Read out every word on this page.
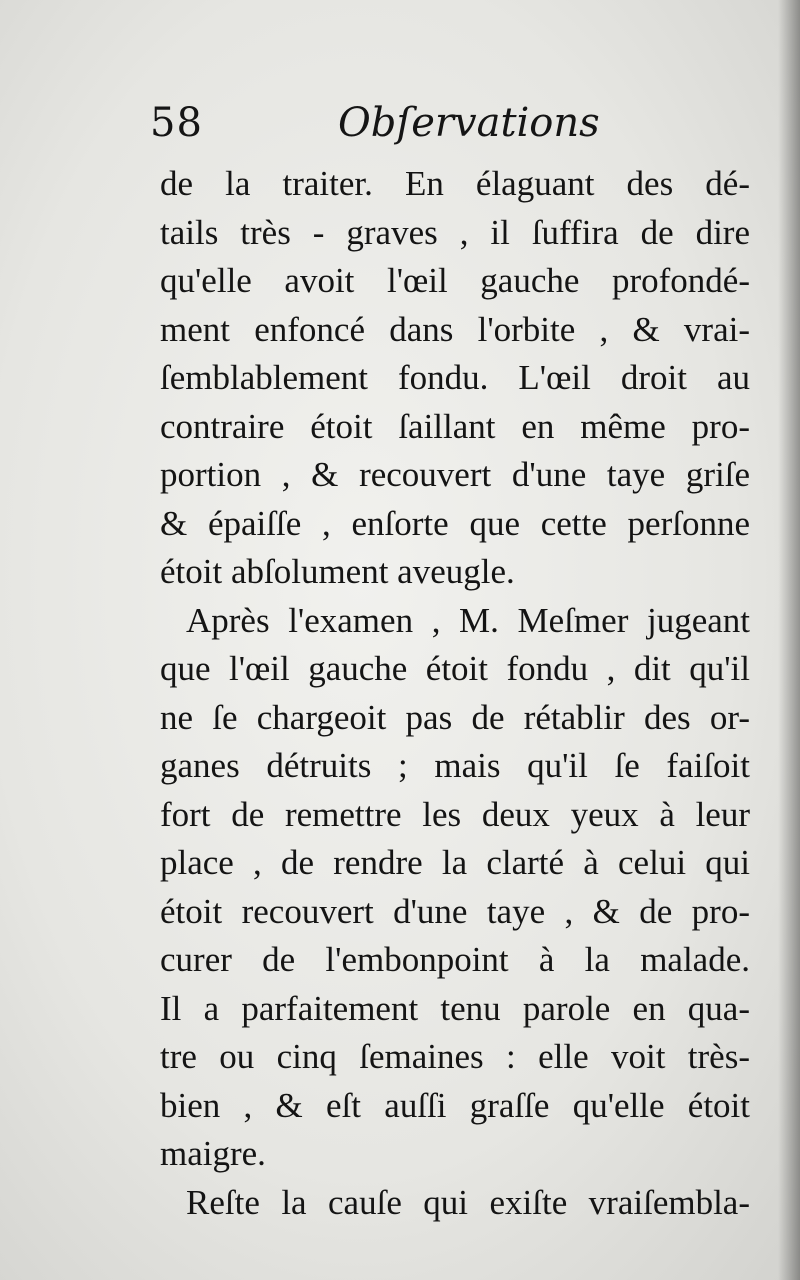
58	Obſervations
de la traiter. En élaguant des dé-
tails très - graves , il ſuffira de dire
qu'elle avoit l'œil gauche profondé-
ment enfoncé dans l'orbite , & vrai-
ſemblablement fondu. L'œil droit au
contraire étoit ſaillant en même pro-
portion , & recouvert d'une taye griſe
& épaiſſe , enſorte que cette perſonne
étoit abſolument aveugle.
Après l'examen , M. Meſmer jugeant
que l'œil gauche étoit fondu , dit qu'il
ne ſe chargeoit pas de rétablir des or-
ganes détruits ; mais qu'il ſe faiſoit
fort de remettre les deux yeux à leur
place , de rendre la clarté à celui qui
étoit recouvert d'une taye , & de pro-
curer de l'embonpoint à la malade.
Il a parfaitement tenu parole en qua-
tre ou cinq ſemaines : elle voit très-
bien , & eſt auſſi graſſe qu'elle étoit
maigre.
Reſte la cauſe qui exiſte vraiſembla-
